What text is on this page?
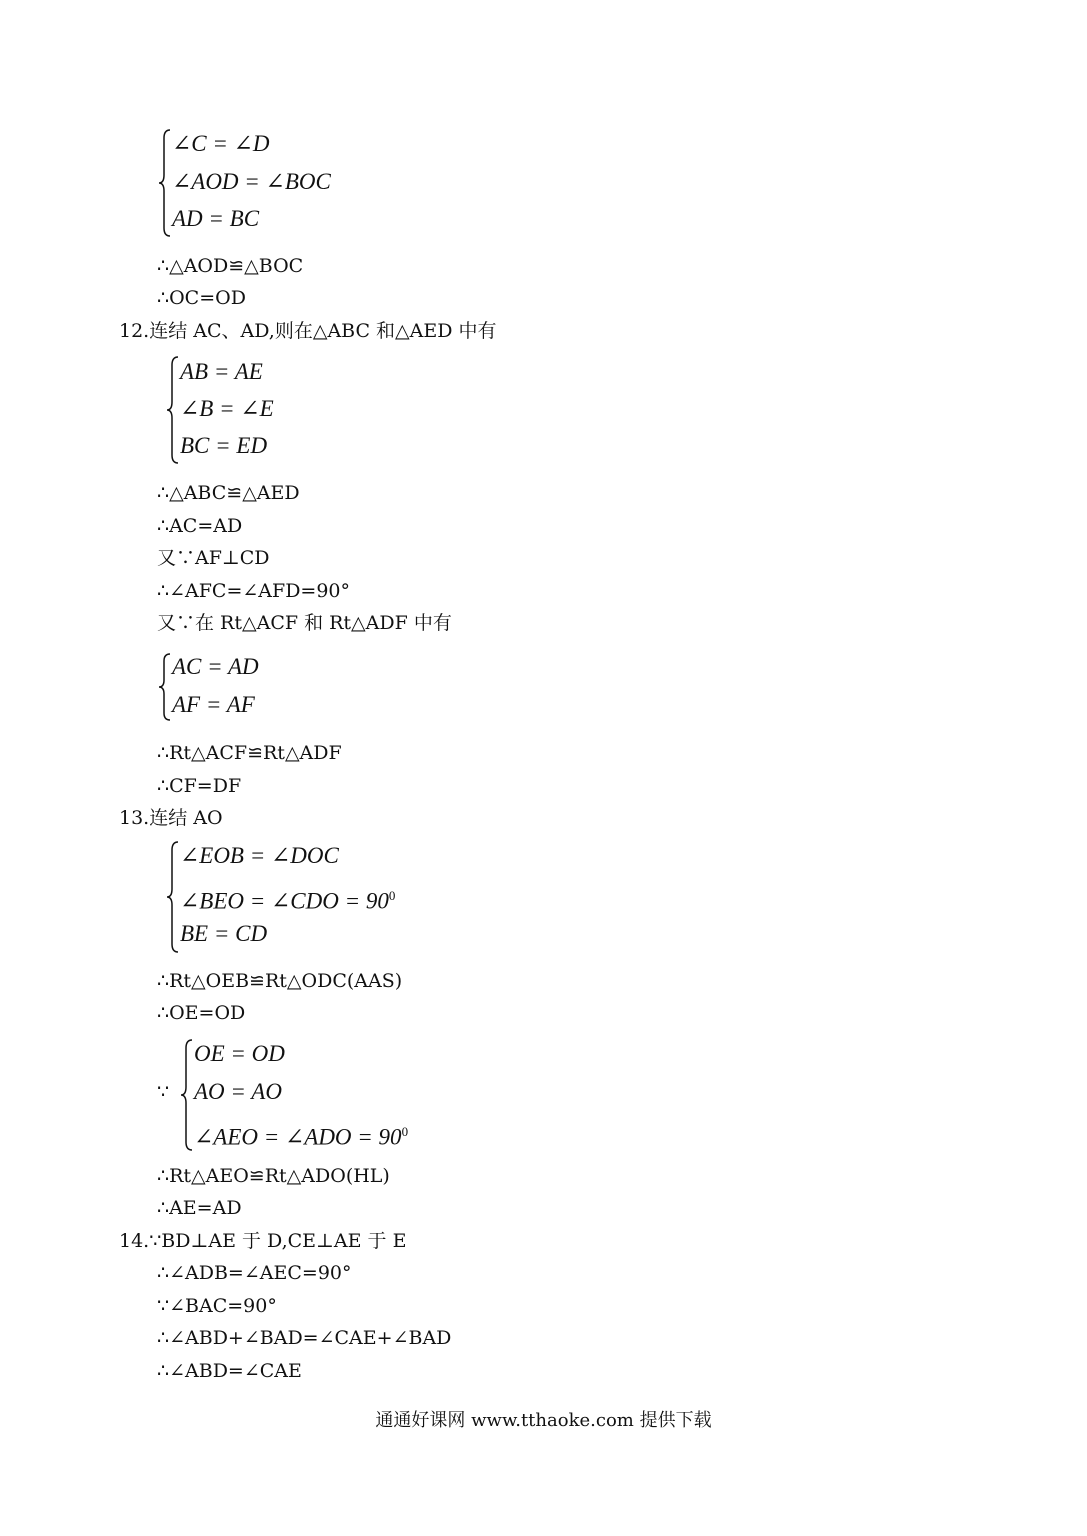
∠C = ∠D
∠AOD = ∠BOC
AD = BC
∴△AOD≌△BOC
∴OC=OD
12.连结 AC、AD,则在△ABC 和△AED 中有
AB = AE
∠B = ∠E
BC = ED
∴△ABC≌△AED
∴AC=AD
又∵AF⊥CD
∴∠AFC=∠AFD=90°
又∵在 Rt△ACF 和 Rt△ADF 中有
AC = AD
AF = AF
∴Rt△ACF≌Rt△ADF
∴CF=DF
13.连结 AO
∠EOB = ∠DOC
∠BEO = ∠CDO = $90^0$
BE = CD
∴Rt△OEB≌Rt△ODC(AAS)
∴OE=OD
∵
OE = OD
AO = AO
∠AEO = ∠ADO = $90^0$
∴Rt△AEO≌Rt△ADO(HL)
∴AE=AD
14.∵BD⊥AE 于 D,CE⊥AE 于 E
∴∠ADB=∠AEC=90°
∵∠BAC=90°
∴∠ABD+∠BAD=∠CAE+∠BAD
∴∠ABD=∠CAE
通通好课网 www.tthaoke.com 提供下载
